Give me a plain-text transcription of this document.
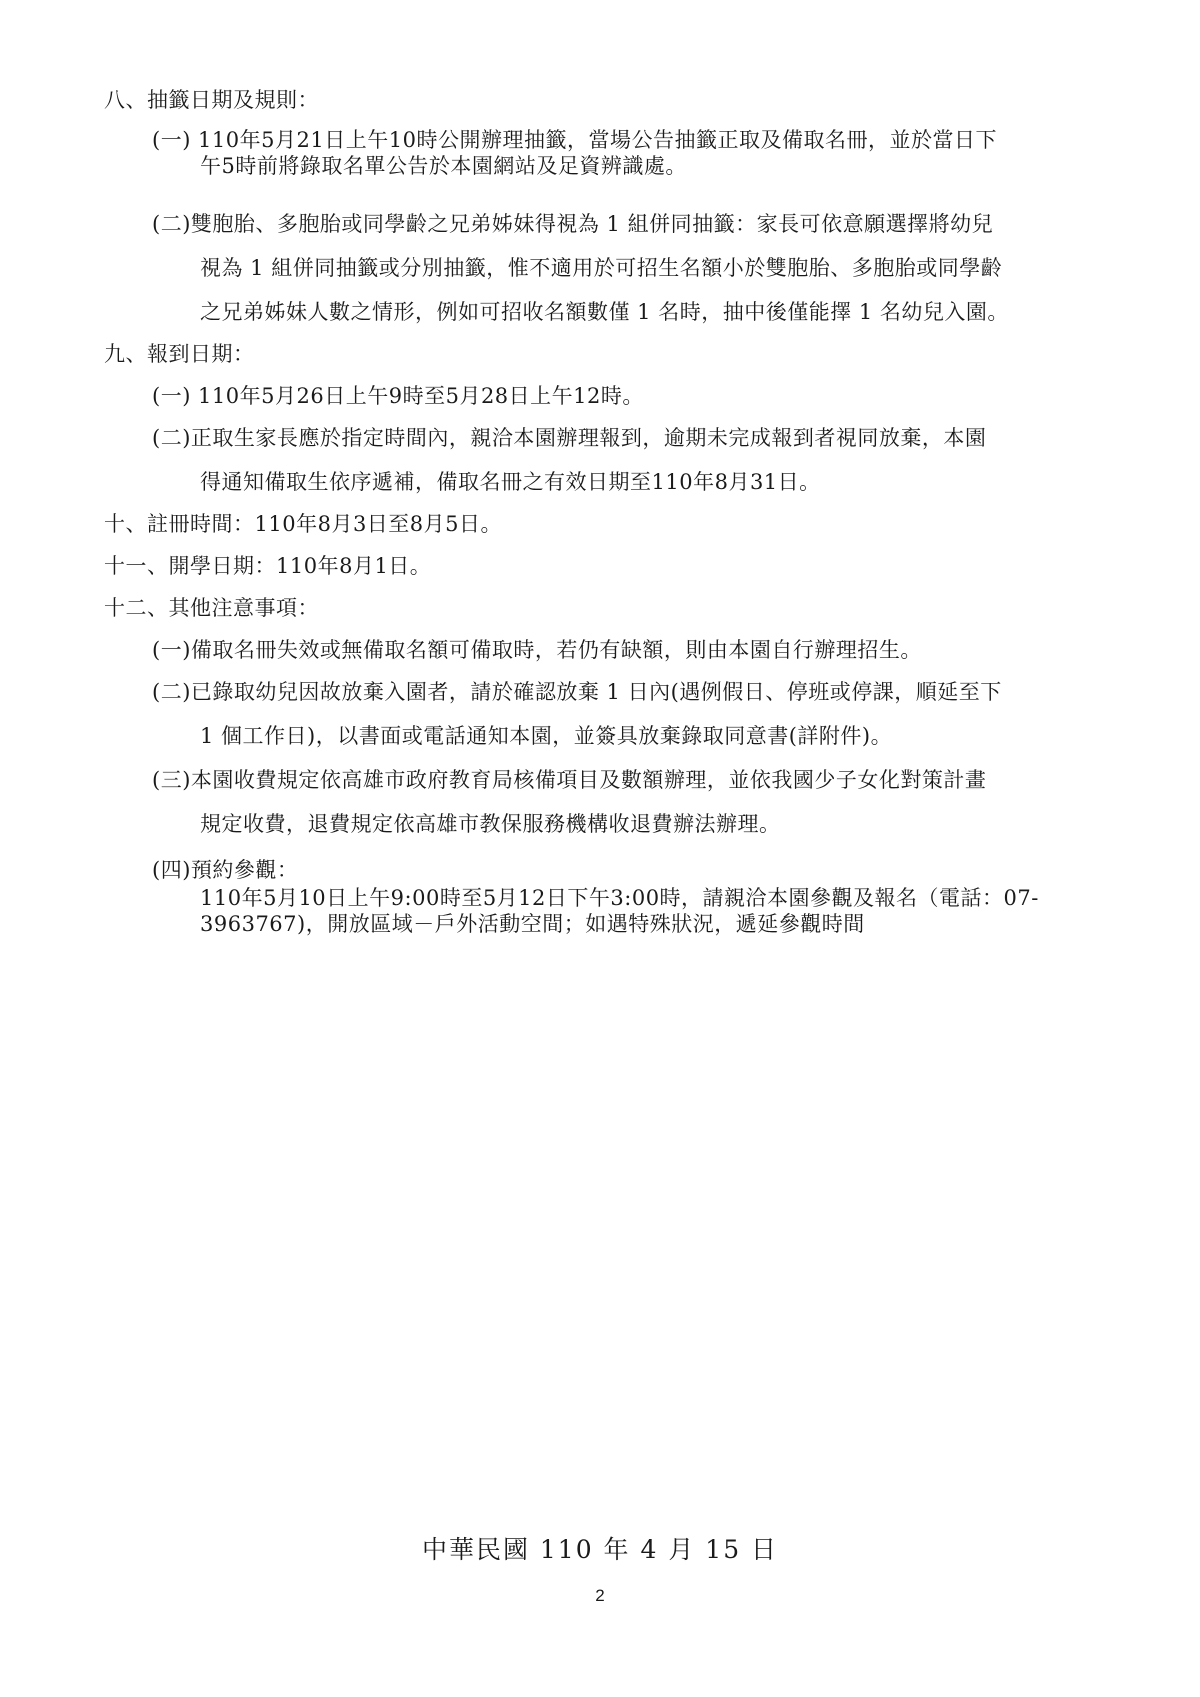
八、抽籤日期及規則：
(一) 110年5月21日上午10時公開辦理抽籤，當場公告抽籤正取及備取名冊，並於當日下
午5時前將錄取名單公告於本園網站及足資辨識處。
(二)雙胞胎、多胞胎或同學齡之兄弟姊妹得視為 1 組併同抽籤：家長可依意願選擇將幼兒
視為 1 組併同抽籤或分別抽籤，惟不適用於可招生名額小於雙胞胎、多胞胎或同學齡
之兄弟姊妹人數之情形，例如可招收名額數僅 1 名時，抽中後僅能擇 1 名幼兒入園。
九、報到日期：
(一) 110年5月26日上午9時至5月28日上午12時。
(二)正取生家長應於指定時間內，親洽本園辦理報到，逾期未完成報到者視同放棄，本園
得通知備取生依序遞補，備取名冊之有效日期至110年8月31日。
十、註冊時間：110年8月3日至8月5日。
十一、開學日期：110年8月1日。
十二、其他注意事項：
(一)備取名冊失效或無備取名額可備取時，若仍有缺額，則由本園自行辦理招生。
(二)已錄取幼兒因故放棄入園者，請於確認放棄 1 日內(遇例假日、停班或停課，順延至下
1 個工作日)，以書面或電話通知本園，並簽具放棄錄取同意書(詳附件)。
(三)本園收費規定依高雄市政府教育局核備項目及數額辦理，並依我國少子女化對策計畫
規定收費，退費規定依高雄市教保服務機構收退費辦法辦理。
(四)預約參觀：
110年5月10日上午9:00時至5月12日下午3:00時，請親洽本園參觀及報名（電話：07-
3963767)，開放區域－戶外活動空間；如遇特殊狀況，遞延參觀時間
中華民國 110 年 4 月 15 日
2
